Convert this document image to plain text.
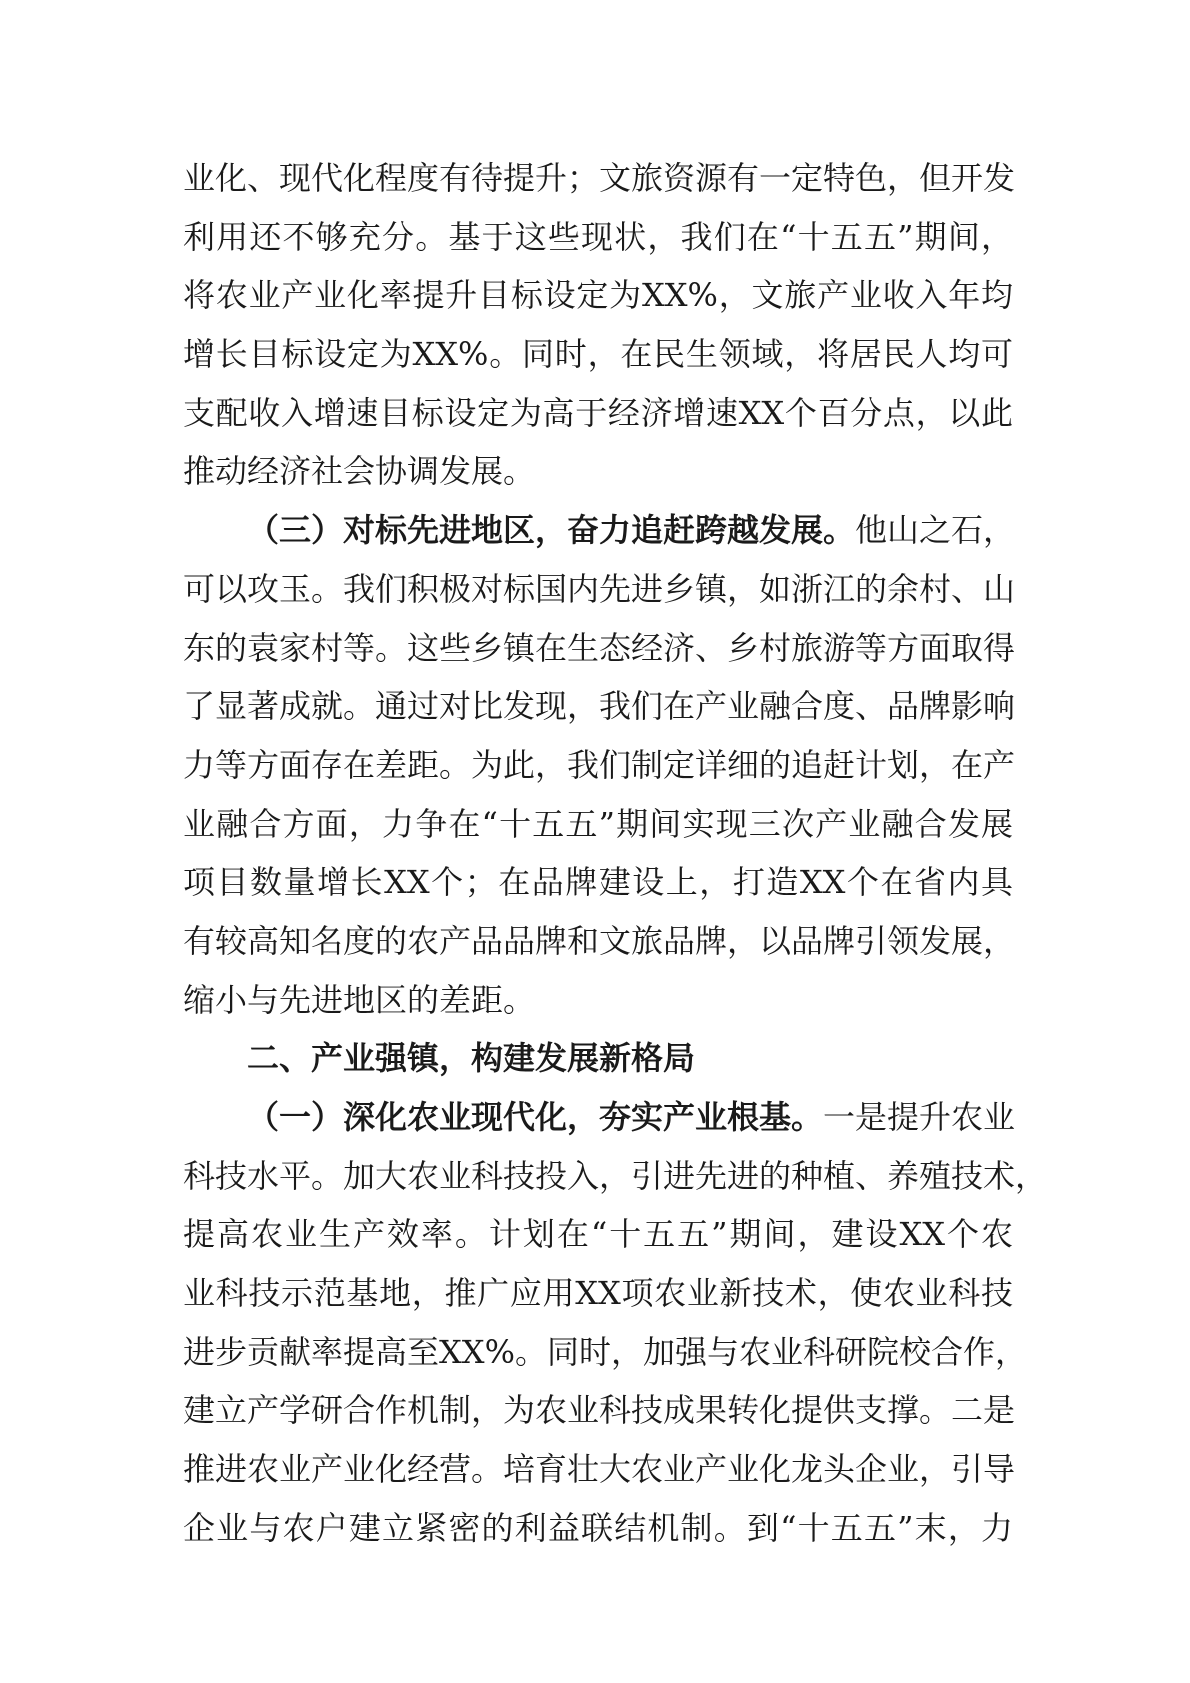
业化、现代化程度有待提升；文旅资源有一定特色，但开发
利用还不够充分。基于这些现状，我们在“十五五”期间，
将农业产业化率提升目标设定为XX%，文旅产业收入年均
增长目标设定为XX%。同时，在民生领域，将居民人均可
支配收入增速目标设定为高于经济增速XX个百分点，以此
推动经济社会协调发展。
（三）对标先进地区，奋力追赶跨越发展。他山之石，
可以攻玉。我们积极对标国内先进乡镇，如浙江的余村、山
东的袁家村等。这些乡镇在生态经济、乡村旅游等方面取得
了显著成就。通过对比发现，我们在产业融合度、品牌影响
力等方面存在差距。为此，我们制定详细的追赶计划，在产
业融合方面，力争在“十五五”期间实现三次产业融合发展
项目数量增长XX个；在品牌建设上，打造XX个在省内具
有较高知名度的农产品品牌和文旅品牌，以品牌引领发展，
缩小与先进地区的差距。
二、产业强镇，构建发展新格局
（一）深化农业现代化，夯实产业根基。一是提升农业
科技水平。加大农业科技投入，引进先进的种植、养殖技术，
提高农业生产效率。计划在“十五五”期间，建设XX个农
业科技示范基地，推广应用XX项农业新技术，使农业科技
进步贡献率提高至XX%。同时，加强与农业科研院校合作，
建立产学研合作机制，为农业科技成果转化提供支撑。二是
推进农业产业化经营。培育壮大农业产业化龙头企业，引导
企业与农户建立紧密的利益联结机制。到“十五五”末，力
